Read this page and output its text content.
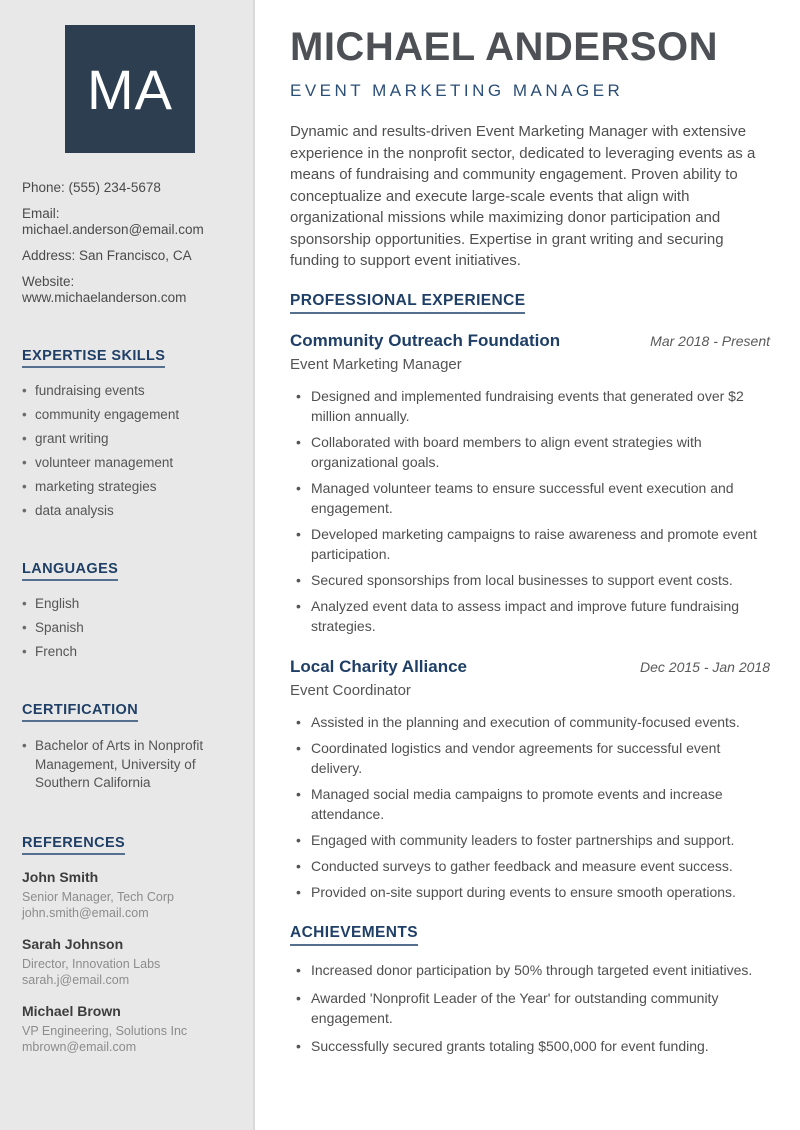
MA
Phone: (555) 234-5678
Email: michael.anderson@email.com
Address: San Francisco, CA
Website: www.michaelanderson.com
EXPERTISE SKILLS
• fundraising events
• community engagement
• grant writing
• volunteer management
• marketing strategies
• data analysis
LANGUAGES
• English
• Spanish
• French
CERTIFICATION
• Bachelor of Arts in Nonprofit Management, University of Southern California
REFERENCES
John Smith
Senior Manager, Tech Corp
john.smith@email.com
Sarah Johnson
Director, Innovation Labs
sarah.j@email.com
Michael Brown
VP Engineering, Solutions Inc
mbrown@email.com
MICHAEL ANDERSON
EVENT MARKETING MANAGER

Dynamic and results-driven Event Marketing Manager with extensive experience in the nonprofit sector, dedicated to leveraging events as a means of fundraising and community engagement. Proven ability to conceptualize and execute large-scale events that align with organizational missions while maximizing donor participation and sponsorship opportunities. Expertise in grant writing and securing funding to support event initiatives.

PROFESSIONAL EXPERIENCE
Community Outreach Foundation	Mar 2018 - Present
Event Marketing Manager
• Designed and implemented fundraising events that generated over $2 million annually.
• Collaborated with board members to align event strategies with organizational goals.
• Managed volunteer teams to ensure successful event execution and engagement.
• Developed marketing campaigns to raise awareness and promote event participation.
• Secured sponsorships from local businesses to support event costs.
• Analyzed event data to assess impact and improve future fundraising strategies.
Local Charity Alliance	Dec 2015 - Jan 2018
Event Coordinator
• Assisted in the planning and execution of community-focused events.
• Coordinated logistics and vendor agreements for successful event delivery.
• Managed social media campaigns to promote events and increase attendance.
• Engaged with community leaders to foster partnerships and support.
• Conducted surveys to gather feedback and measure event success.
• Provided on-site support during events to ensure smooth operations.
ACHIEVEMENTS
• Increased donor participation by 50% through targeted event initiatives.
• Awarded 'Nonprofit Leader of the Year' for outstanding community engagement.
• Successfully secured grants totaling $500,000 for event funding.
